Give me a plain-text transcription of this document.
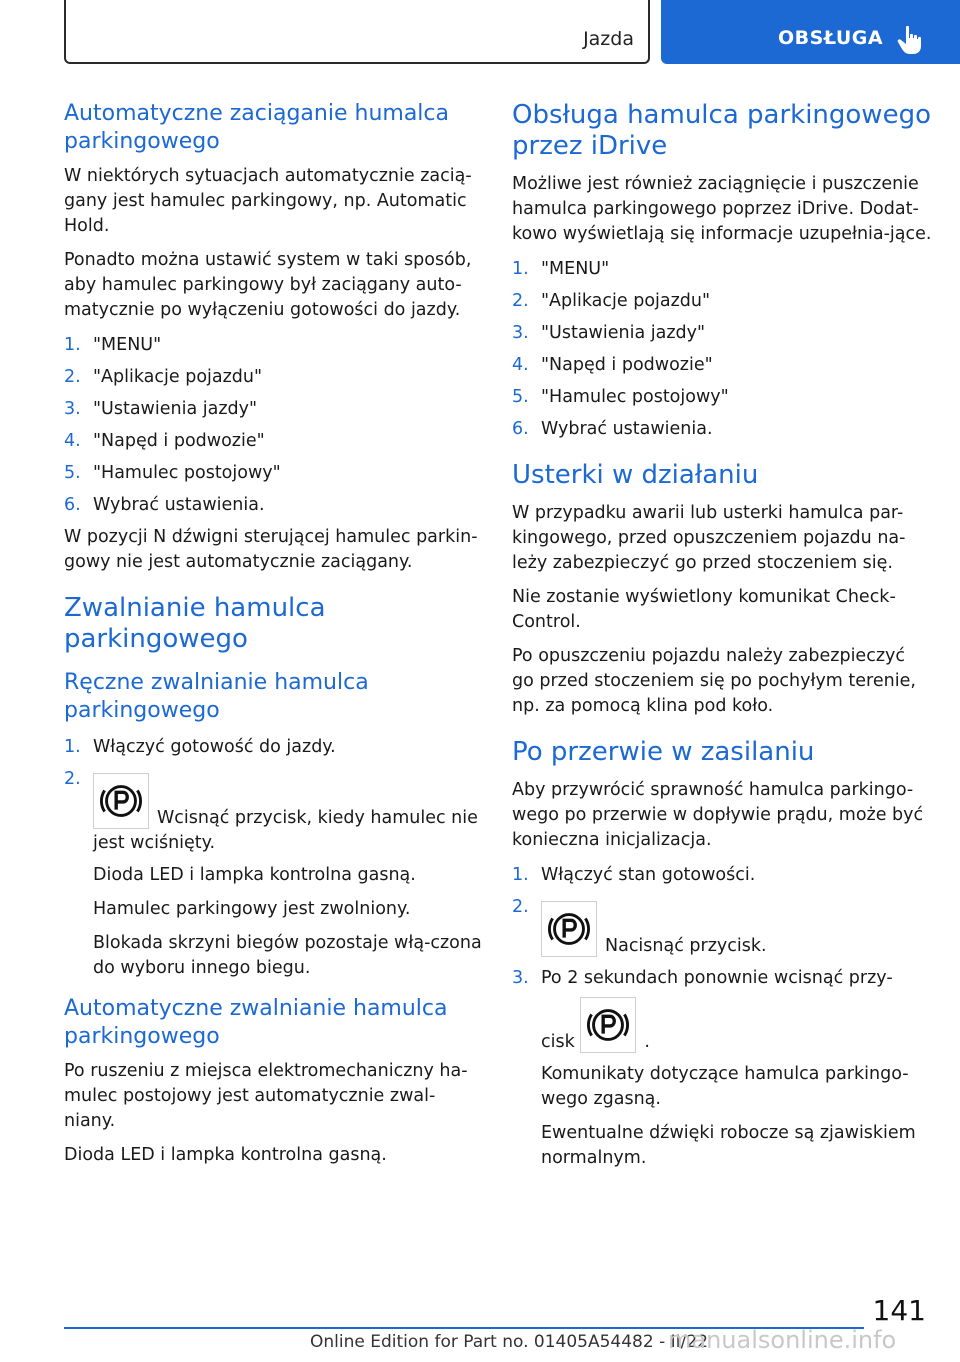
Jazda	OBSŁUGA
Automatyczne zaciąganie humalca parkingowego

W niektórych sytuacjach automatycznie zacią-gany jest hamulec parkingowy, np. Automatic Hold.

Ponadto można ustawić system w taki sposób, aby hamulec parkingowy był zaciągany auto-matycznie po wyłączeniu gotowości do jazdy.

1. "MENU"
2. "Aplikacje pojazdu"
3. "Ustawienia jazdy"
4. "Napęd i podwozie"
5. "Hamulec postojowy"
6. Wybrać ustawienia.

W pozycji N dźwigni sterującej hamulec parkin-gowy nie jest automatycznie zaciągany.

Zwalnianie hamulca parkingowego
Ręczne zwalnianie hamulca parkingowego
1. Włączyć gotowość do jazdy.
2.
Wcisnąć przycisk, kiedy hamulec nie jest wciśnięty.

Dioda LED i lampka kontrolna gasną.

Hamulec parkingowy jest zwolniony.

Blokada skrzyni biegów pozostaje włą-czona do wyboru innego biegu.

Automatyczne zwalnianie hamulca parkingowego

Po ruszeniu z miejsca elektromechaniczny ha-mulec postojowy jest automatycznie zwal-niany.

Dioda LED i lampka kontrolna gasną.

Obsługa hamulca parkingowego przez iDrive

Możliwe jest również zaciągnięcie i puszczenie hamulca parkingowego poprzez iDrive. Dodat-kowo wyświetlają się informacje uzupełnia-jące.

1. "MENU"
2. "Aplikacje pojazdu"
3. "Ustawienia jazdy"
4. "Napęd i podwozie"
5. "Hamulec postojowy"
6. Wybrać ustawienia.
Usterki w działaniu

W przypadku awarii lub usterki hamulca par-kingowego, przed opuszczeniem pojazdu na-leży zabezpieczyć go przed stoczeniem się.

Nie zostanie wyświetlony komunikat Check-Control.

Po opuszczeniu pojazdu należy zabezpieczyć go przed stoczeniem się po pochyłym terenie, np. za pomocą klina pod koło.

Po przerwie w zasilaniu

Aby przywrócić sprawność hamulca parkingo-wego po przerwie w dopływie prądu, może być konieczna inicjalizacja.

1. Włączyć stan gotowości.
2.
Nacisnąć przycisk.
3. Po 2 sekundach ponownie wcisnąć przy-
cisk	.

Komunikaty dotyczące hamulca parkingo-wego zgasną.

Ewentualne dźwięki robocze są zjawiskiem normalnym.

141
Online Edition for Part no. 01405A54482 - II/22
manualsonline.info
